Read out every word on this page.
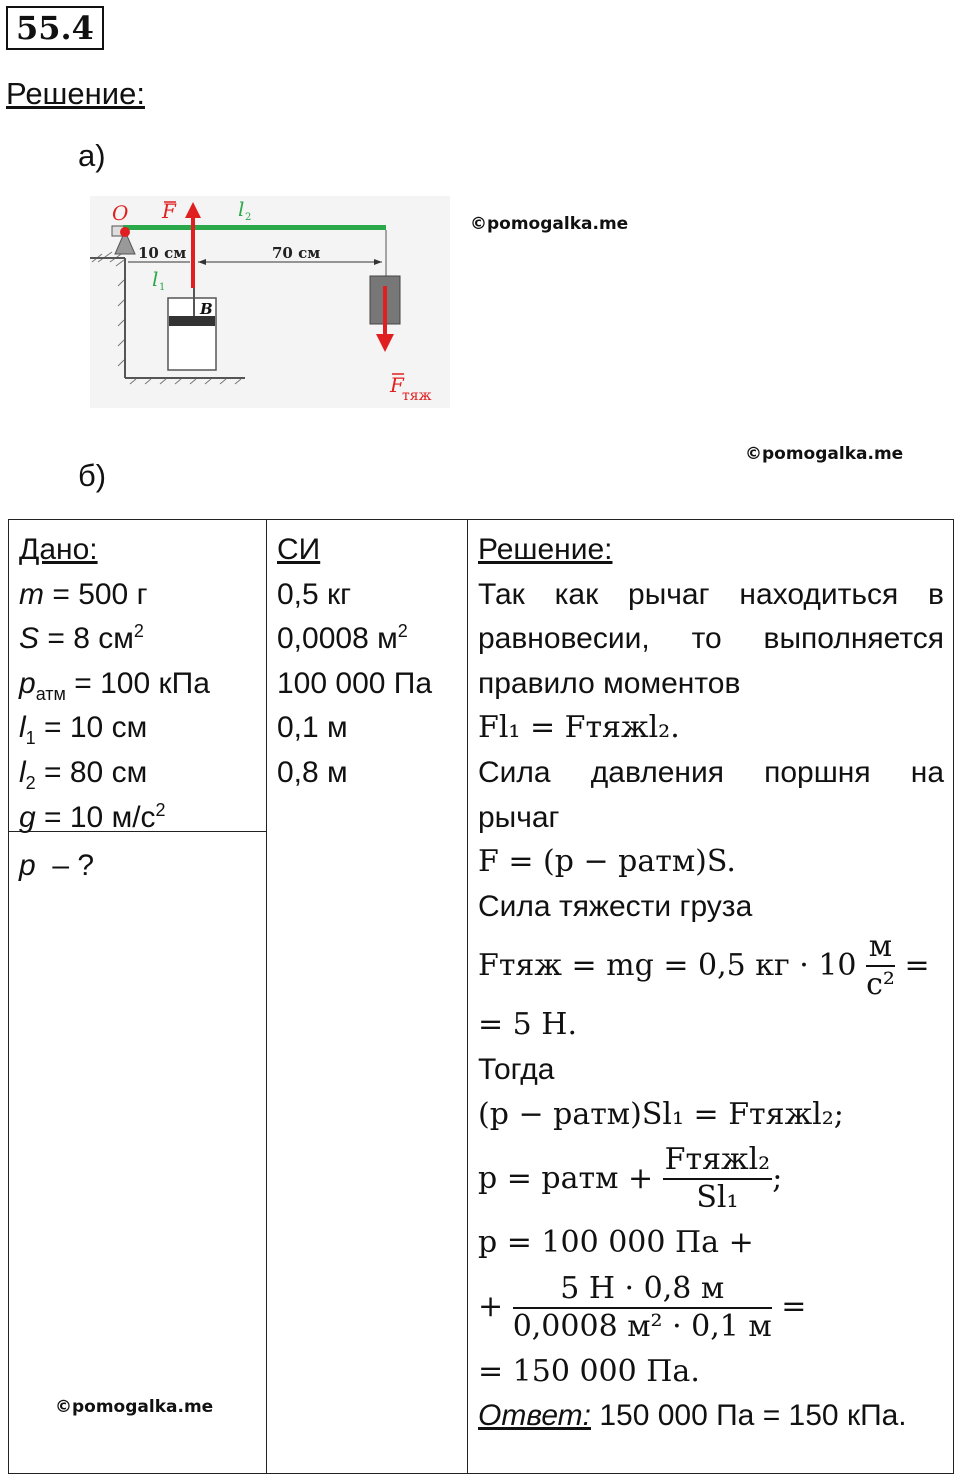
55.4
Решение:
а)
б)
©pomogalka.me
©pomogalka.me
©pomogalka.me
O
B
F	l 2
10 см	70 см
l 1
F
тяж
Дано:
m = 500 г
S = 8 $см^2$
$p_{атм} = 100$ кПа
$l_1 = 10$ см
$l_2 = 80$ см
g = 10 $м/с^2$
p  – ?
СИ
0,5 кг
0,0008 $м^2$
100 000 Па
0,1 м
0,8 м
Решение:
Так как рычаг находиться в
равновесии, то выполняется
правило моментов
Fl₁ = Fтяжl₂.
Сила давления поршня на
рычаг
F = (p − pатм)S.
Сила тяжести груза
Fтяж = mg = 0,5 кг · 10
$\frac{м}{\text{с²}}$
=
= 5 Н.
Тогда
(p − pатм)Sl₁ = Fтяжl₂;
p = pатм +
$\frac{\text{Fтяжl₂}}{\text{Sl₁}}$ ;
p = 100 000 Па +
+
$\frac{5 Н \cdot 0,8 м}{\text{0,0008 м² · 0,1 м}}$
=
= 150 000 Па.
Ответ: 150 000 Па = 150 кПа.
